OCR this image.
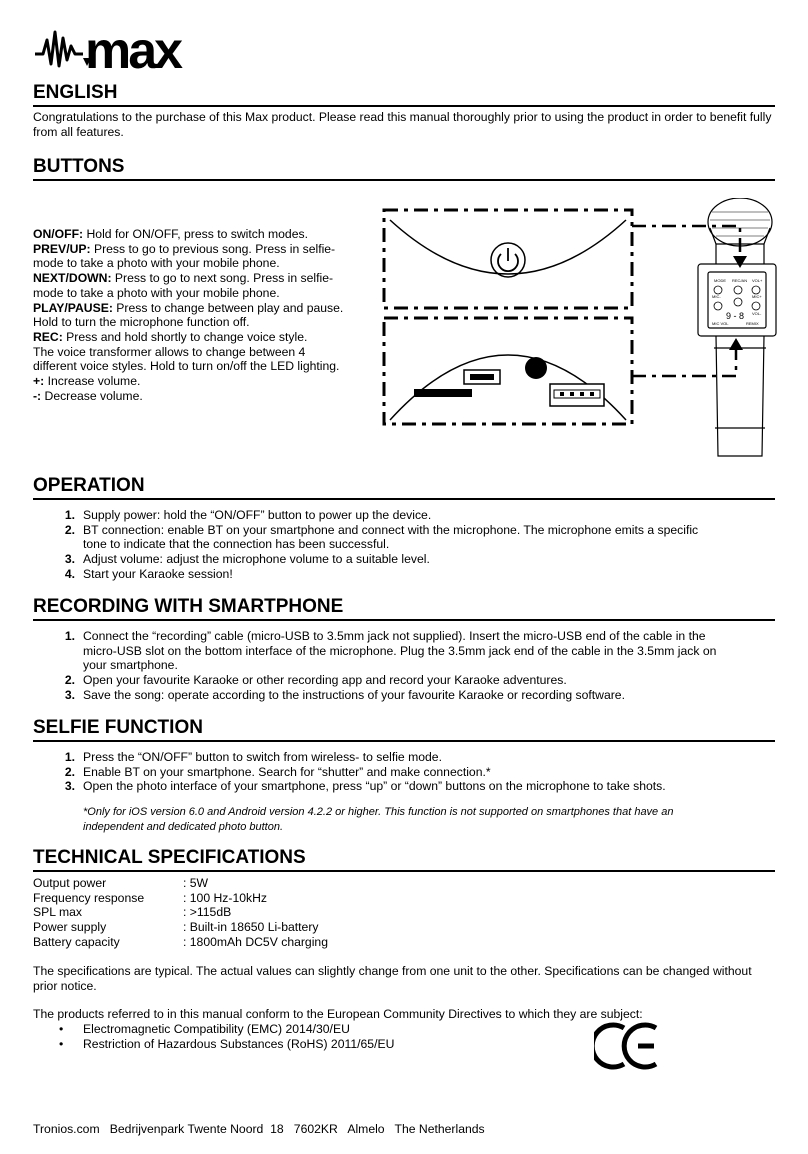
max
ENGLISH

Congratulations to the purchase of this Max product. Please read this manual thoroughly prior to using the product in order to benefit fully from all features.

BUTTONS
ON/OFF: Hold for ON/OFF, press to switch modes.
PREV/UP: Press to go to previous song. Press in selfie-
mode to take a photo with your mobile phone.
NEXT/DOWN: Press to go to next song. Press in selfie-
mode to take a photo with your mobile phone.
PLAY/PAUSE: Press to change between play and pause.
Hold to turn the microphone function off.
REC: Press and hold shortly to change voice style.
The voice transformer allows to change between 4
different voice styles. Hold to turn on/off the LED lighting.
+: Increase volume.
-: Decrease volume.
MODE REC/AN VOL+
MIC-	MIC+
VOL-
MIC VOL	REMIX
9 - 8
OPERATION
1. Supply power: hold the “ON/OFF” button to power up the device.
2. BT connection: enable BT on your smartphone and connect with the microphone. The microphone emits a specific
tone to indicate that the connection has been successful.
3. Adjust volume: adjust the microphone volume to a suitable level.
4. Start your Karaoke session!
RECORDING WITH SMARTPHONE
1. Connect the “recording” cable (micro-USB to 3.5mm jack not supplied). Insert the micro-USB end of the cable in the
micro-USB slot on the bottom interface of the microphone. Plug the 3.5mm jack end of the cable in the 3.5mm jack on
your smartphone.
2. Open your favourite Karaoke or other recording app and record your Karaoke adventures.
3. Save the song: operate according to the instructions of your favourite Karaoke or recording software.
SELFIE FUNCTION
1. Press the “ON/OFF” button to switch from wireless- to selfie mode.
2. Enable BT on your smartphone. Search for “shutter” and make connection.*
3. Open the photo interface of your smartphone, press “up” or “down” buttons on the microphone to take shots.
*Only for iOS version 6.0 and Android version 4.2.2 or higher. This function is not supported on smartphones that have an
independent and dedicated photo button.
TECHNICAL SPECIFICATIONS
Output power	: 5W
Frequency response	: 100 Hz-10kHz
SPL max	: >115dB
Power supply	: Built-in 18650 Li-battery
Battery capacity	: 1800mAh DC5V charging

The specifications are typical. The actual values can slightly change from one unit to the other. Specifications can be changed without prior notice.

The products referred to in this manual conform to the European Community Directives to which they are subject:

• Electromagnetic Compatibility (EMC) 2014/30/EU
• Restriction of Hazardous Substances (RoHS) 2011/65/EU
Tronios.com   Bedrijvenpark Twente Noord  18   7602KR   Almelo   The Netherlands
